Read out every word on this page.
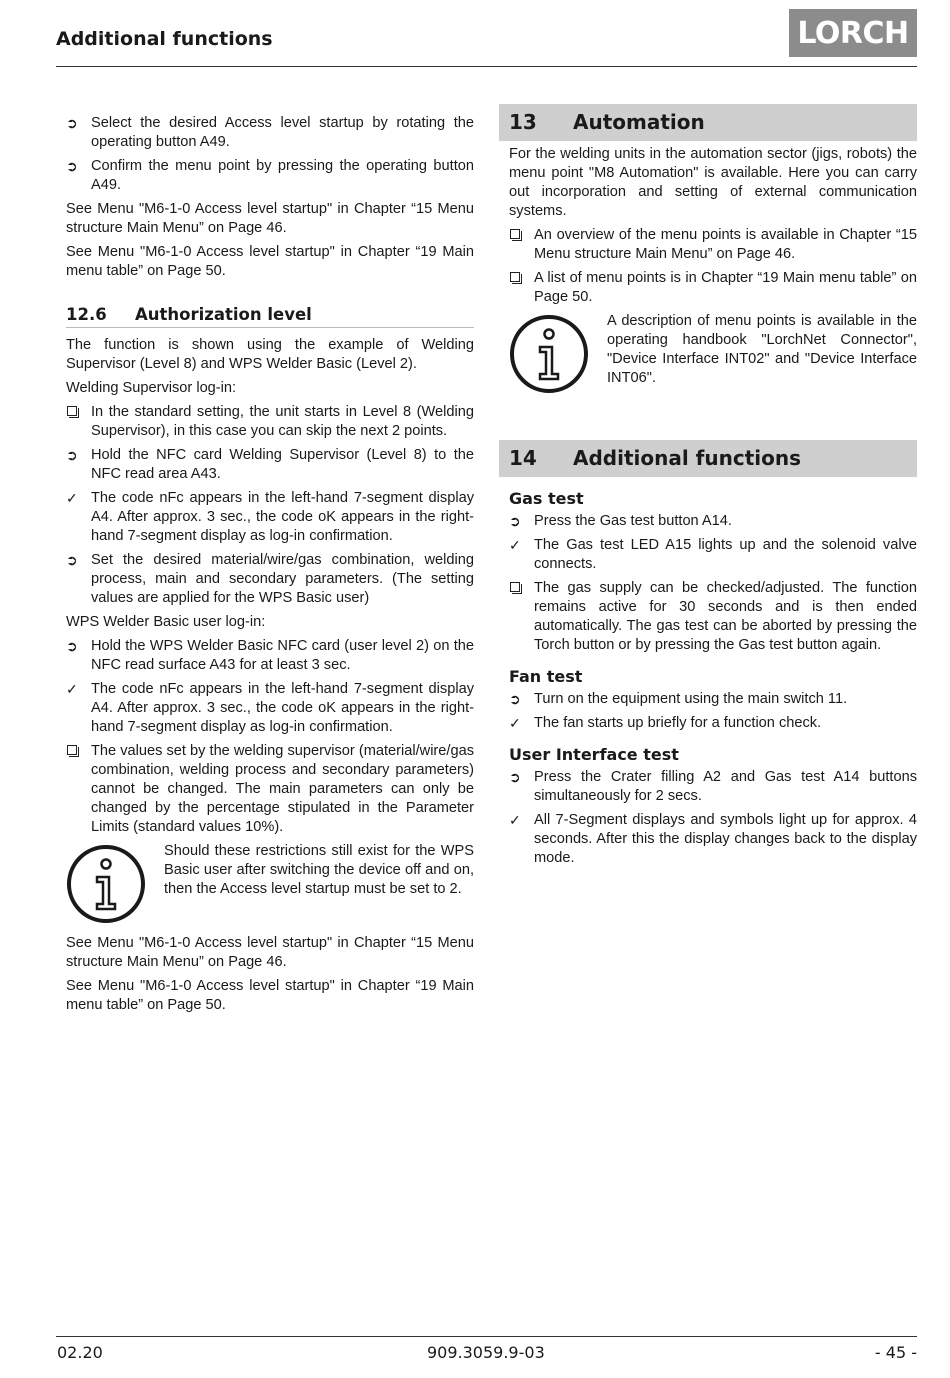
Additional functions	LORCH
➲ Select the desired Access level startup by rotating the operating button A49.
➲ Confirm the menu point by pressing the operating button A49.

See Menu "M6-1-0 Access level startup" in Chapter “15 Menu structure Main Menu” on Page 46.

See Menu "M6-1-0 Access level startup" in Chapter “19 Main menu table” on Page 50.

12.6 Authorization level

The function is shown using the example of Welding Supervisor (Level 8) and WPS Welder Basic (Level 2).

Welding Supervisor log-in:

In the standard setting, the unit starts in Level 8 (Welding Supervisor), in this case you can skip the next 2 points.
➲ Hold the NFC card Welding Supervisor (Level 8) to the NFC read area A43.
✓ The code nFc appears in the left-hand 7-segment display A4. After approx. 3 sec., the code oK appears in the right-hand 7-segment display as log-in confirmation.
➲ Set the desired material/wire/gas combination, welding process, main and secondary parameters. (The setting values are applied for the WPS Basic user)

WPS Welder Basic user log-in:

➲ Hold the WPS Welder Basic NFC card (user level 2) on the NFC read surface A43 for at least 3 sec.
✓ The code nFc appears in the left-hand 7-segment display A4. After approx. 3 sec., the code oK appears in the right-hand 7-segment display as log-in confirmation.
The values set by the welding supervisor (material/wire/gas combination, welding process and secondary parameters) cannot be changed. The main parameters can only be changed by the percentage stipulated in the Parameter Limits (standard values 10%).
Should these restrictions still exist for the WPS Basic user after switching the device off and on, then the Access level startup must be set to 2.

See Menu "M6-1-0 Access level startup" in Chapter “15 Menu structure Main Menu” on Page 46.

See Menu "M6-1-0 Access level startup" in Chapter “19 Main menu table” on Page 50.

13	Automation

For the welding units in the automation sector (jigs, robots) the menu point "M8 Automation" is available. Here you can carry out incorporation and setting of external communication systems.

An overview of the menu points is available in Chapter “15 Menu structure Main Menu” on Page 46.
A list of menu points is in Chapter “19 Main menu table” on Page 50.
A description of menu points is available in the operating handbook "LorchNet Connector", "Device Interface INT02" and "Device Interface INT06".
14	Additional functions
Gas test
➲ Press the Gas test button A14.
✓ The Gas test LED A15 lights up and the solenoid valve connects.
The gas supply can be checked/adjusted. The function remains active for 30 seconds and is then ended automatically. The gas test can be aborted by pressing the Torch button or by pressing the Gas test button again.
Fan test
➲ Turn on the equipment using the main switch 11.
✓ The fan starts up briefly for a function check.
User Interface test
➲ Press the Crater filling A2 and Gas test A14 buttons simultaneously for 2 secs.
✓ All 7-Segment displays and symbols light up for approx. 4 seconds. After this the display changes back to the display mode.
02.20	909.3059.9-03	- 45 -
